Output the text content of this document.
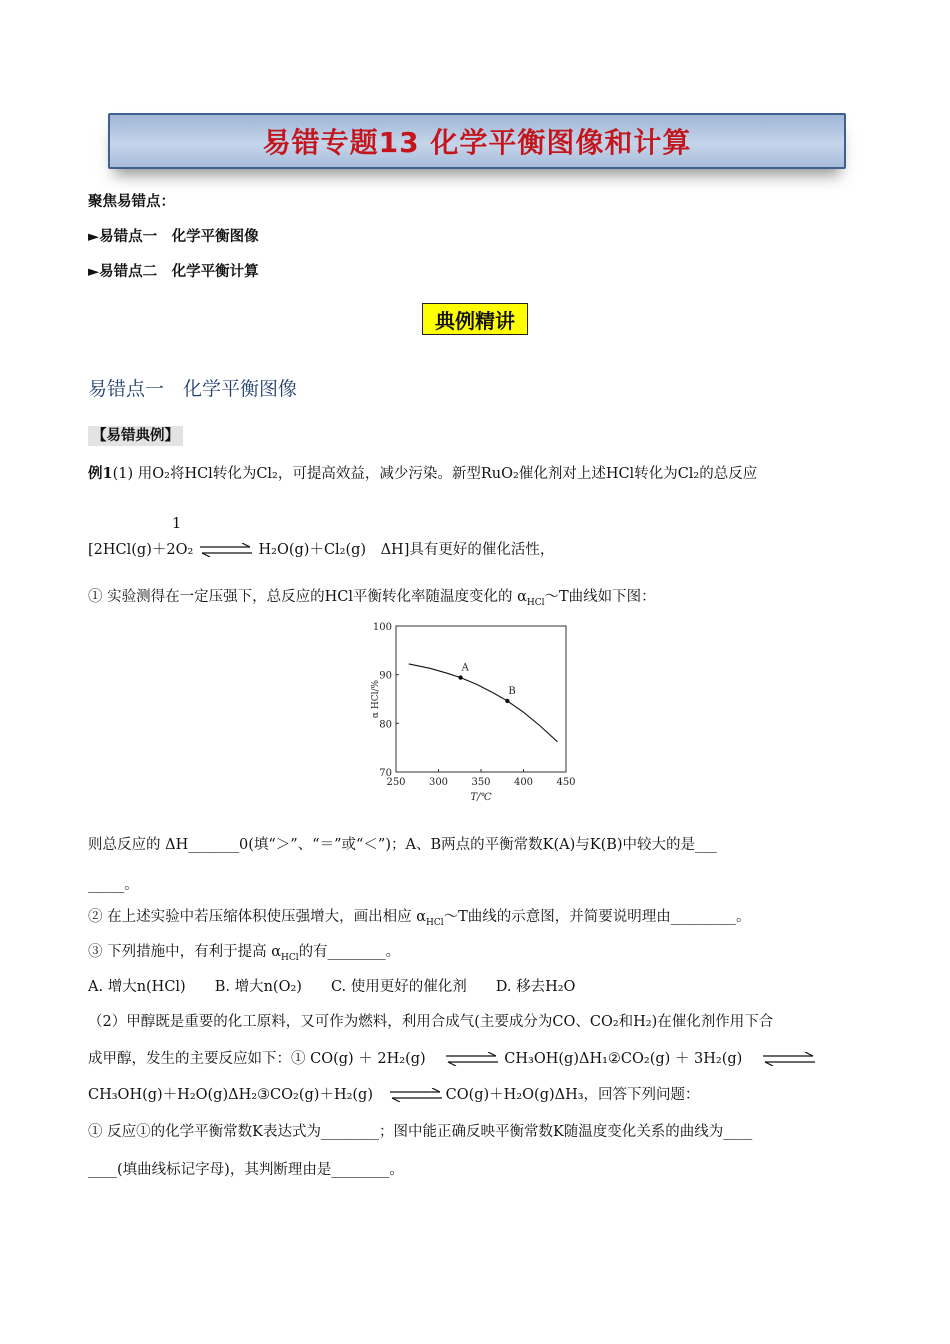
易错专题13 化学平衡图像和计算
聚焦易错点：
►易错点一　化学平衡图像
►易错点二　化学平衡计算
典例精讲
易错点一　化学平衡图像
【易错典例】
例1(1) 用O₂将HCl转化为Cl₂，可提高效益，减少污染。新型RuO₂催化剂对上述HCl转化为Cl₂的总反应
1
[2HCl(g)＋2O₂ ⇌ H₂O(g)＋Cl₂(g)　ΔH]具有更好的催化活性，
① 实验测得在一定压强下，总反应的HCl平衡转化率随温度变化的 $\alpha_{HCl}\sim T$曲线如下图：
250 300 350 400 450
70
80
90
100
T/℃
α HCl/%
A
B
则总反应的 ΔH_______0(填“＞”、“＝”或“＜”)；A、B两点的平衡常数K(A)与K(B)中较大的是___
_____。
② 在上述实验中若压缩体积使压强增大，画出相应 $\alpha_{HCl}\sim T$曲线的示意图，并简要说明理由_________。
③ 下列措施中，有利于提高 $\alpha_{HCl}$的有________。
A. 增大n(HCl)　　B. 增大n(O₂)　　C. 使用更好的催化剂　　D. 移去H₂O
（2）甲醇既是重要的化工原料，又可作为燃料，利用合成气(主要成分为CO、CO₂和H₂)在催化剂作用下合
成甲醇，发生的主要反应如下：① CO(g) ＋ 2H₂(g) ⇌ CH₃OH(g)ΔH₁②CO₂(g) ＋ 3H₂(g) ⇌
CH₃OH(g)＋H₂O(g)ΔH₂③CO₂(g)＋H₂(g) ⇌ CO(g)＋H₂O(g)ΔH₃，回答下列问题：
① 反应①的化学平衡常数K表达式为________；图中能正确反映平衡常数K随温度变化关系的曲线为____
____(填曲线标记字母)，其判断理由是________。
